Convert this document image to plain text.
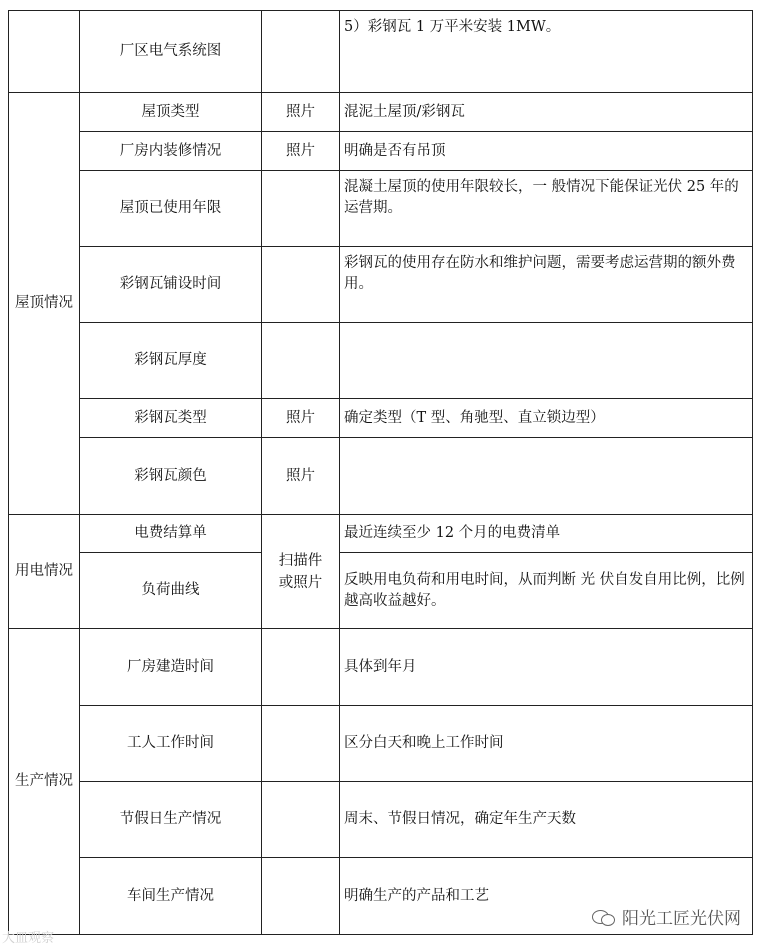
	厂区电气系统图		5）彩钢瓦 1 万平米安装 1MW。

屋顶情况	屋顶类型	照片	混泥土屋顶/彩钢瓦

	厂房内装修情况	照片	明确是否有吊顶

	屋顶已使用年限		混凝土屋顶的使用年限较长，一 般情况下能保证光伏 25 年的运营期。

	彩钢瓦铺设时间		彩钢瓦的使用存在防水和维护问题，需要考虑运营期的额外费用。

	彩钢瓦厚度		

	彩钢瓦类型	照片	确定类型（T 型、角驰型、直立锁边型）

	彩钢瓦颜色	照片	

用电情况	电费结算单	扫描件或照片	最近连续至少 12 个月的电费清单

	负荷曲线		反映用电负荷和用电时间，从而判断 光 伏自发自用比例，比例越高收益越好。

生产情况	厂房建造时间		具体到年月

	工人工作时间		区分白天和晚上工作时间

	节假日生产情况		周末、节假日情况，确定年生产天数

	车间生产情况		明确生产的产品和工艺
大皿观察
阳光工匠光伏网
